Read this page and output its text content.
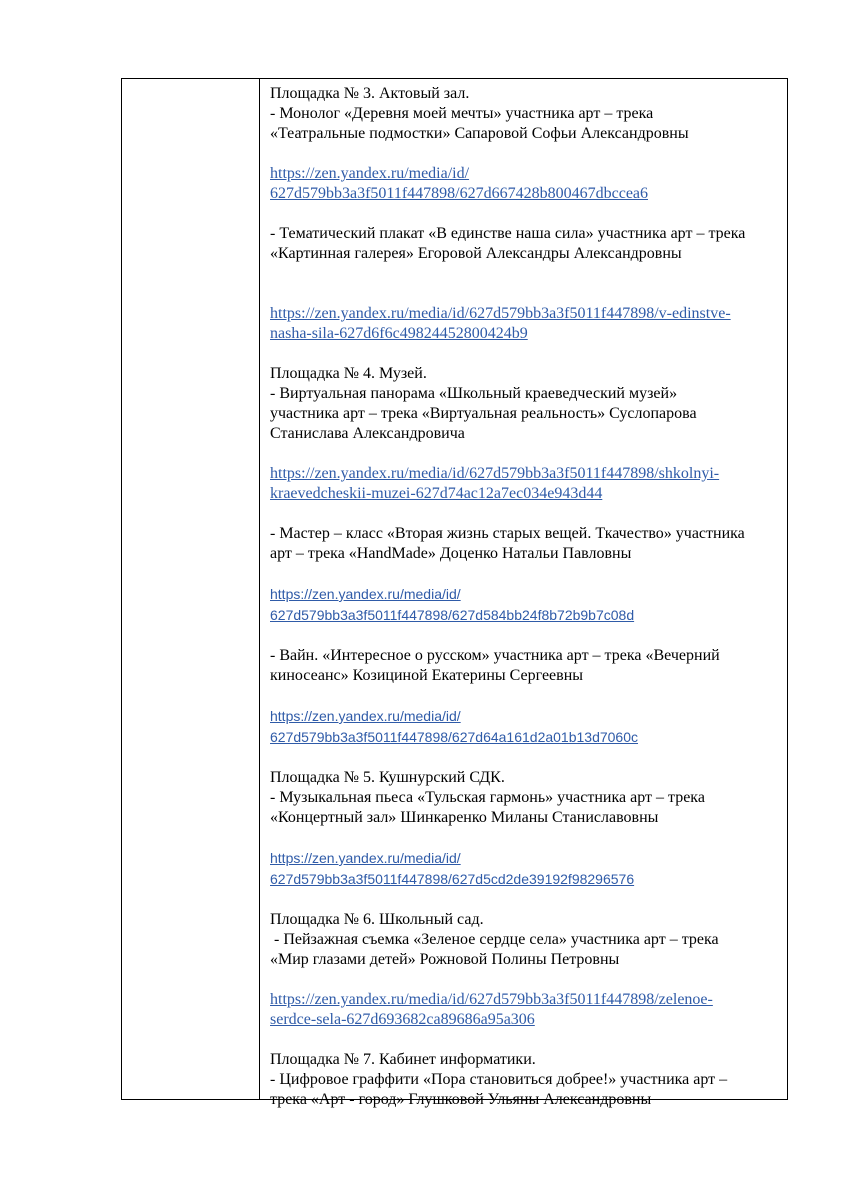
Площадка № 3. Актовый зал.

- Монолог «Деревня моей мечты» участника арт – трека
«Театральные подмостки» Сапаровой Софьи Александровны

https://zen.yandex.ru/media/id/
627d579bb3a3f5011f447898/627d667428b800467dbccea6

- Тематический плакат «В единстве наша сила» участника арт – трека
«Картинная галерея» Егоровой Александры Александровны

https://zen.yandex.ru/media/id/627d579bb3a3f5011f447898/v-edinstve-
nasha-sila-627d6f6c49824452800424b9

Площадка № 4. Музей.

- Виртуальная панорама «Школьный краеведческий музей»
участника арт – трека «Виртуальная реальность» Суслопарова
Станислава Александровича

https://zen.yandex.ru/media/id/627d579bb3a3f5011f447898/shkolnyi-
kraevedcheskii-muzei-627d74ac12a7ec034e943d44

- Мастер – класс «Вторая жизнь старых вещей. Ткачество» участника
арт – трека «HandMade» Доценко Натальи Павловны

https://zen.yandex.ru/media/id/
627d579bb3a3f5011f447898/627d584bb24f8b72b9b7c08d

- Вайн. «Интересное о русском» участника арт – трека «Вечерний
киносеанс» Козициной Екатерины Сергеевны

https://zen.yandex.ru/media/id/
627d579bb3a3f5011f447898/627d64a161d2a01b13d7060c

Площадка № 5. Кушнурский СДК.

- Музыкальная пьеса «Тульская гармонь» участника арт – трека
«Концертный зал» Шинкаренко Миланы Станиславовны

https://zen.yandex.ru/media/id/
627d579bb3a3f5011f447898/627d5cd2de39192f98296576

Площадка № 6. Школьный сад.

- Пейзажная съемка «Зеленое сердце села» участника арт – трека
«Мир глазами детей» Рожновой Полины Петровны

https://zen.yandex.ru/media/id/627d579bb3a3f5011f447898/zelenoe-
serdce-sela-627d693682ca89686a95a306

Площадка № 7. Кабинет информатики.

- Цифровое граффити «Пора становиться добрее!» участника арт –
трека «Арт - город» Глушковой Ульяны Александровны
